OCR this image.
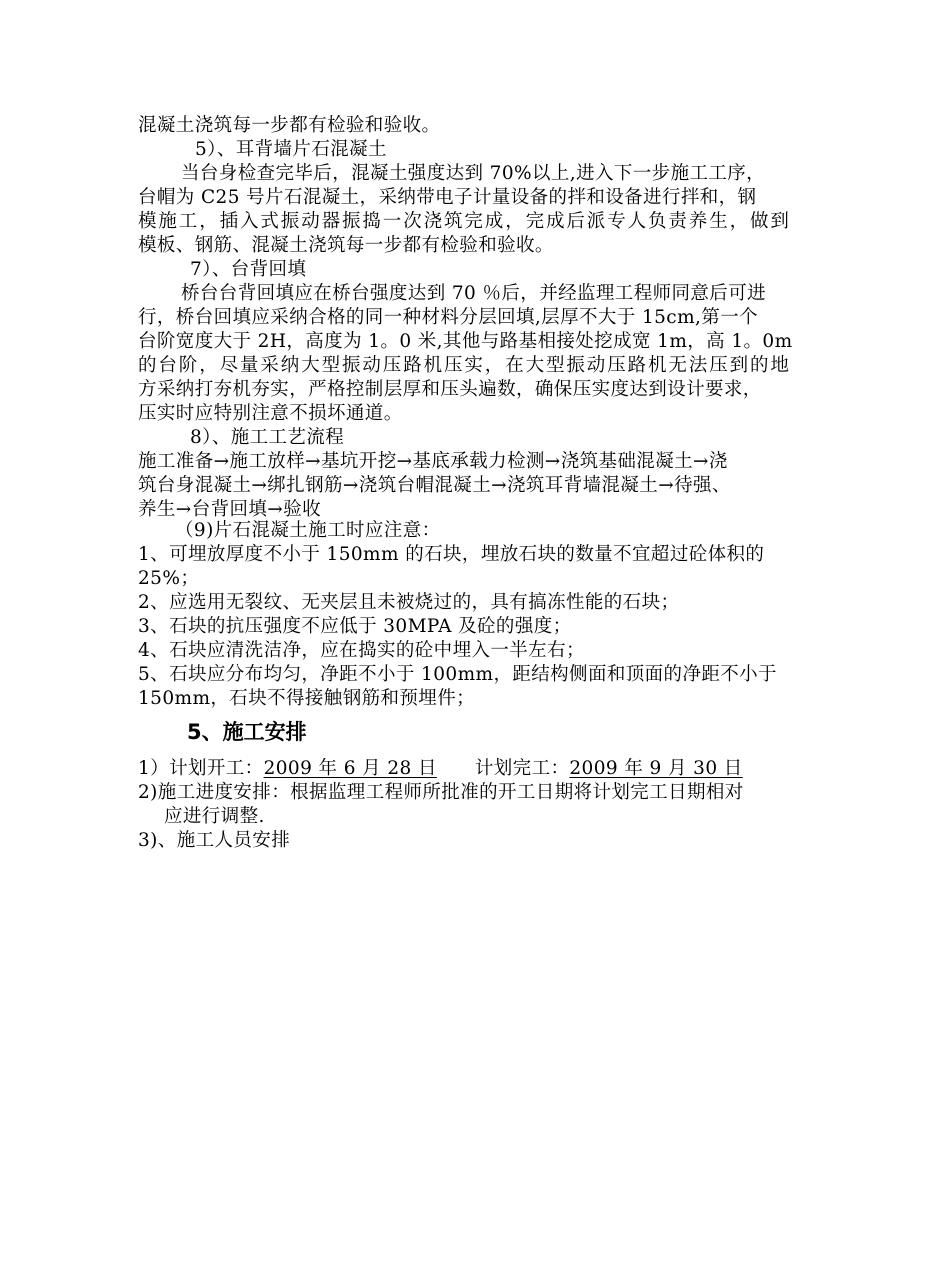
混凝土浇筑每一步都有检验和验收。
5）、耳背墙片石混凝土
当台身检查完毕后，混凝土强度达到 70%以上,进入下一步施工工序，
台帽为 C25 号片石混凝土，采纳带电子计量设备的拌和设备进行拌和，钢
模施工，插入式振动器振捣一次浇筑完成，完成后派专人负责养生，做到
模板、钢筋、混凝土浇筑每一步都有检验和验收。
7）、台背回填
桥台台背回填应在桥台强度达到 70 ％后，并经监理工程师同意后可进
行，桥台回填应采纳合格的同一种材料分层回填,层厚不大于 15cm,第一个
台阶宽度大于 2H，高度为 1。0 米,其他与路基相接处挖成宽 1m，高 1。0m
的台阶，尽量采纳大型振动压路机压实，在大型振动压路机无法压到的地
方采纳打夯机夯实，严格控制层厚和压头遍数，确保压实度达到设计要求，
压实时应特别注意不损坏通道。
8）、施工工艺流程
施工准备→施工放样→基坑开挖→基底承载力检测→浇筑基础混凝土→浇
筑台身混凝土→绑扎钢筋→浇筑台帽混凝土→浇筑耳背墙混凝土→待强、
养生→台背回填→验收
（9)片石混凝土施工时应注意：
1、可埋放厚度不小于 150mm 的石块，埋放石块的数量不宜超过砼体积的
25%；
2、应选用无裂纹、无夹层且未被烧过的，具有搞冻性能的石块；
3、石块的抗压强度不应低于 30MPA 及砼的强度；
4、石块应清洗洁净，应在捣实的砼中埋入一半左右；
5、石块应分布均匀，净距不小于 100mm，距结构侧面和顶面的净距不小于
150mm，石块不得接触钢筋和预埋件；
5、施工安排
1）计划开工：2009 年 6 月 28 日 计划完工：2009 年 9 月 30 日
2)施工进度安排：根据监理工程师所批准的开工日期将计划完工日期相对
应进行调整.
3)、施工人员安排
